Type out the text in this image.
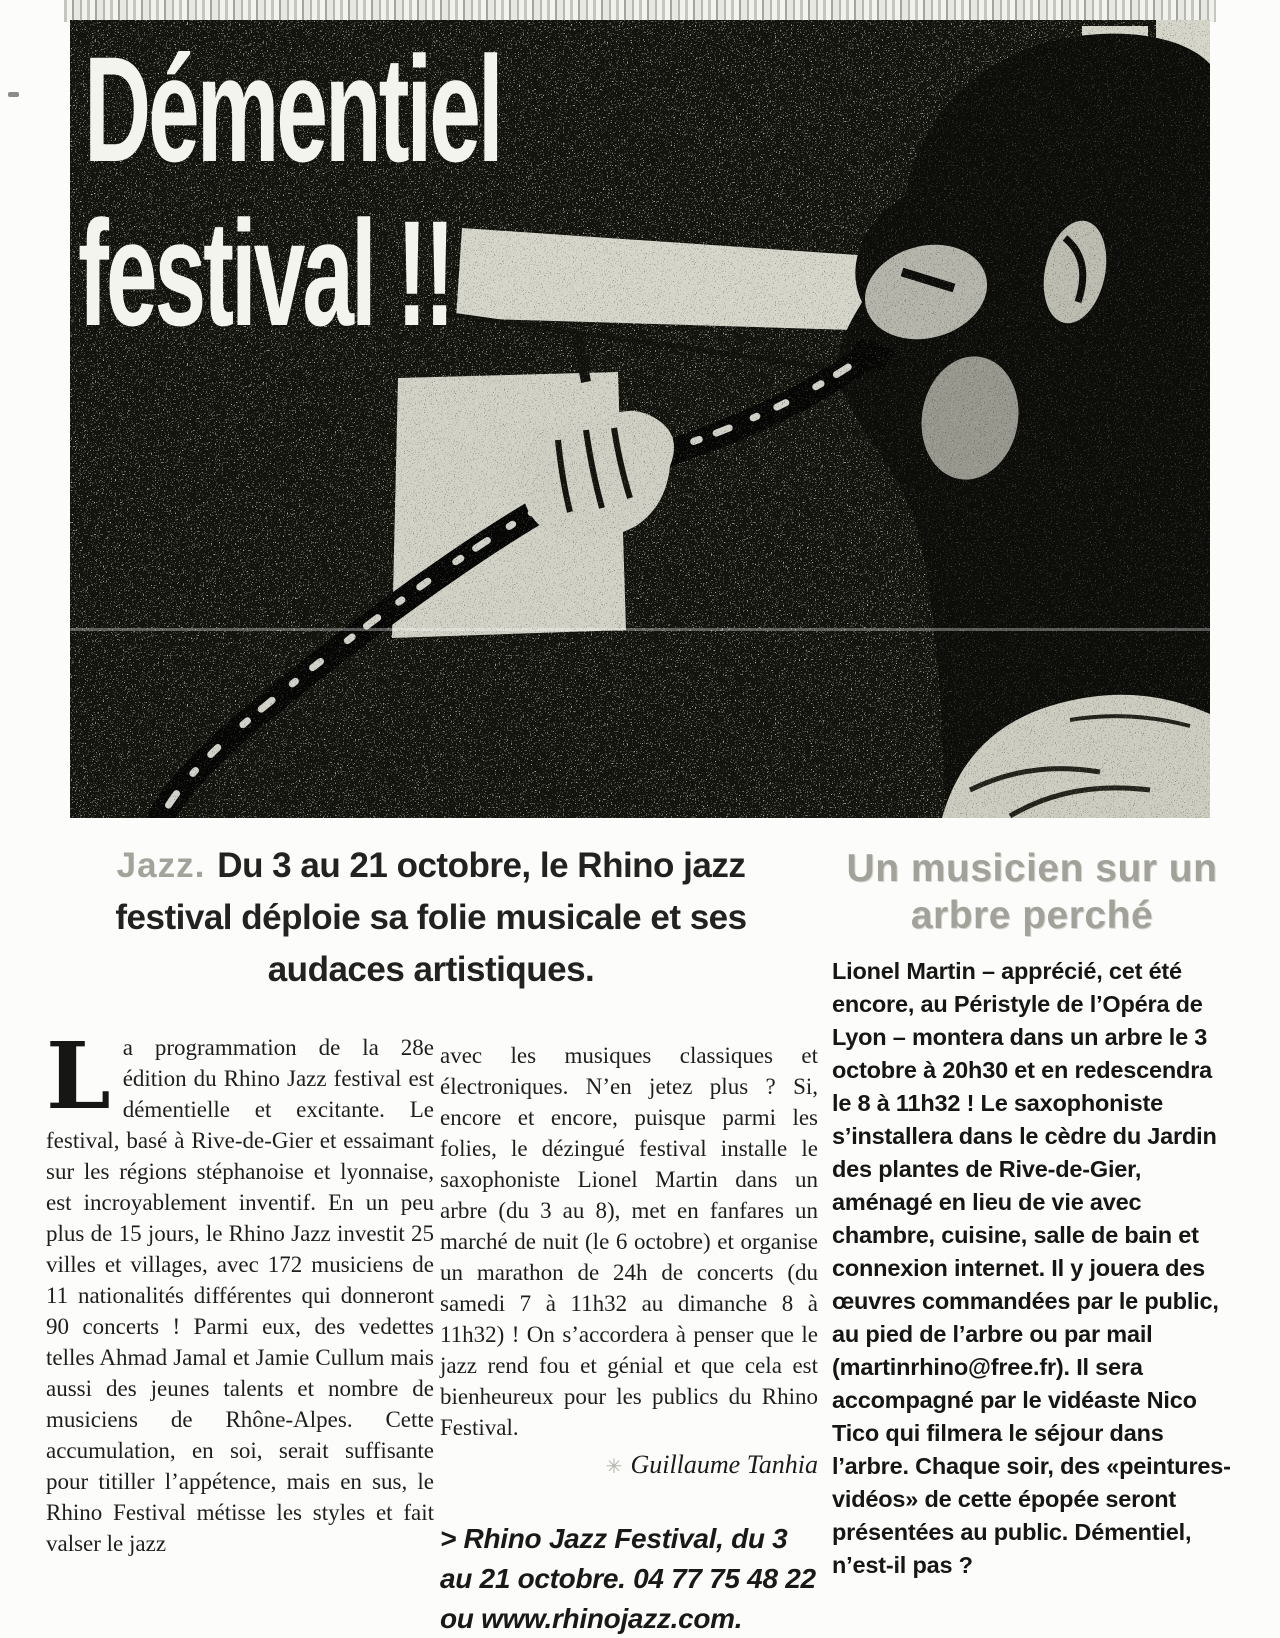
Démentiel
festival !!
Jazz. Du 3 au 21 octobre, le Rhino jazz festival déploie sa folie musicale et ses audaces artistiques.
La programmation de la 28e édition du Rhino Jazz festival est démentielle et excitante. Le festival, basé à Rive-de-Gier et essaimant sur les régions stéphanoise et lyonnaise, est incroyablement inventif. En un peu plus de 15 jours, le Rhino Jazz investit 25 villes et villages, avec 172 musiciens de 11 nationalités différentes qui donneront 90 concerts ! Parmi eux, des vedettes telles Ahmad Jamal et Jamie Cullum mais aussi des jeunes talents et nombre de musiciens de Rhône-Alpes. Cette accumulation, en soi, serait suffisante pour titiller l’appétence, mais en sus, le Rhino Festival métisse les styles et fait valser le jazz
avec les musiques classiques et électroniques. N’en jetez plus ? Si, encore et encore, puisque parmi les folies, le dézingué festival installe le saxophoniste Lionel Martin dans un arbre (du 3 au 8), met en fanfares un marché de nuit (le 6 octobre) et organise un marathon de 24h de concerts (du samedi 7 à 11h32 au dimanche 8 à 11h32) ! On s’accordera à penser que le jazz rend fou et génial et que cela est bienheureux pour les publics du Rhino Festival.
✳ Guillaume Tanhia
> Rhino Jazz Festival, du 3 au 21 octobre. 04 77 75 48 22 ou www.rhinojazz.com.
Un musicien sur un arbre perché
Lionel Martin – apprécié, cet été encore, au Péristyle de l’Opéra de Lyon – montera dans un arbre le 3 octobre à 20h30 et en redescendra le 8 à 11h32 ! Le saxophoniste s’installera dans le cèdre du Jardin des plantes de Rive-de-Gier, aménagé en lieu de vie avec chambre, cuisine, salle de bain et connexion internet. Il y jouera des œuvres commandées par le public, au pied de l’arbre ou par mail (martinrhino@free.fr). Il sera accompagné par le vidéaste Nico Tico qui filmera le séjour dans l’arbre. Chaque soir, des «peintures-vidéos» de cette épopée seront présentées au public. Démentiel, n’est-il pas ?
